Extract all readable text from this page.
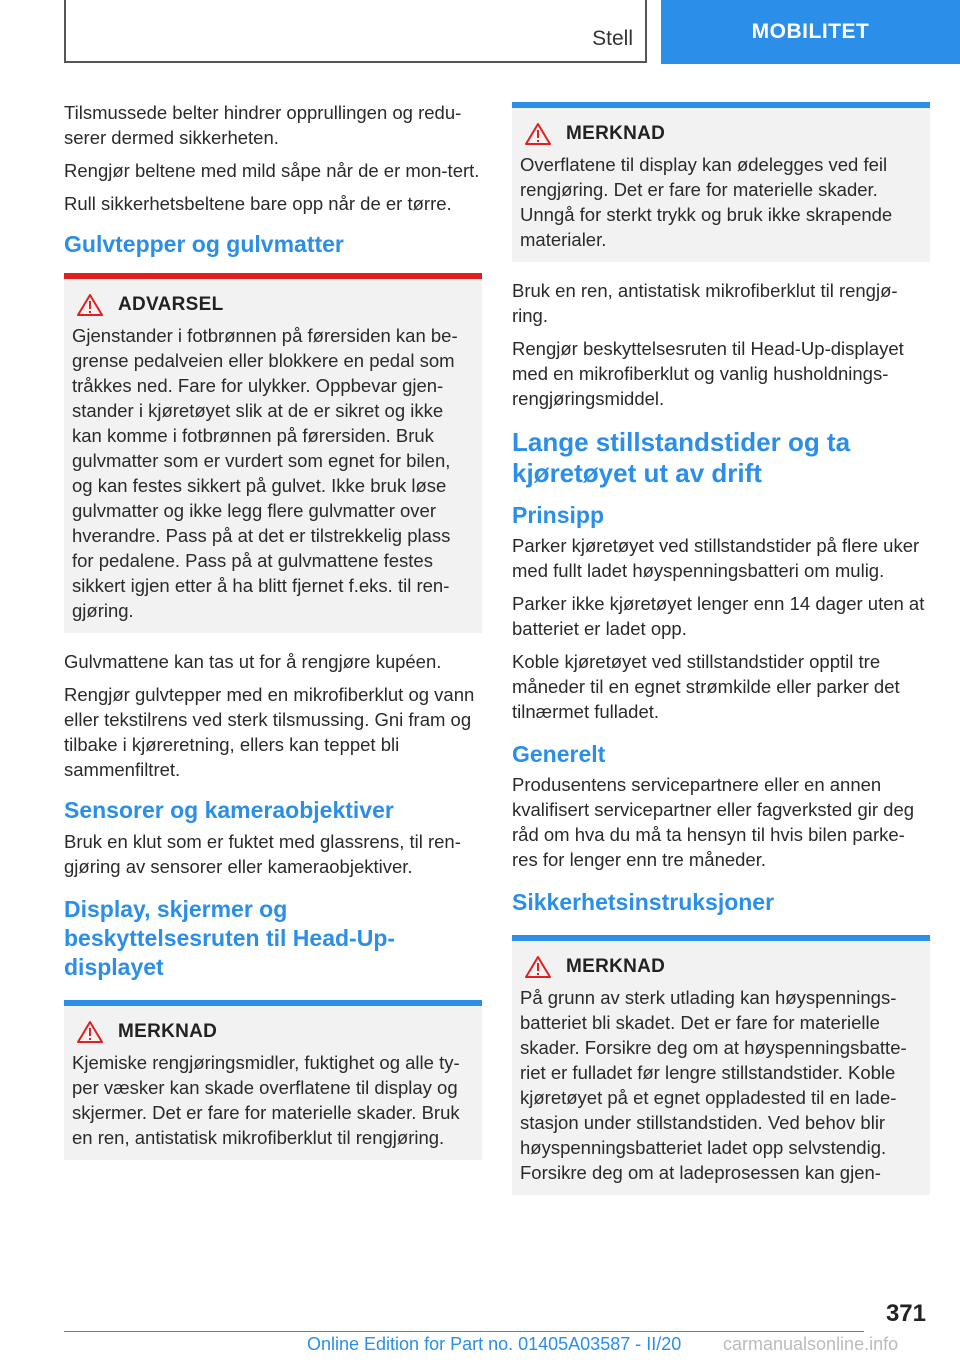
Stell	MOBILITET

Tilsmussede belter hindrer opprullingen og redu-serer dermed sikkerheten.

Rengjør beltene med mild såpe når de er mon-tert.

Rull sikkerhetsbeltene bare opp når de er tørre.

Gulvtepper og gulvmatter
ADVARSEL

Gjenstander i fotbrønnen på førersiden kan be-grense pedalveien eller blokkere en pedal som tråkkes ned. Fare for ulykker. Oppbevar gjen-stander i kjøretøyet slik at de er sikret og ikke kan komme i fotbrønnen på førersiden. Bruk gulvmatter som er vurdert som egnet for bilen, og kan festes sikkert på gulvet. Ikke bruk løse gulvmatter og ikke legg flere gulvmatter over hverandre. Pass på at det er tilstrekkelig plass for pedalene. Pass på at gulvmattene festes sikkert igjen etter å ha blitt fjernet f.eks. til ren-gjøring.

Gulvmattene kan tas ut for å rengjøre kupéen.

Rengjør gulvtepper med en mikrofiberklut og vann eller tekstilrens ved sterk tilsmussing. Gni fram og tilbake i kjøreretning, ellers kan teppet bli sammenfiltret.

Sensorer og kameraobjektiver

Bruk en klut som er fuktet med glassrens, til ren-gjøring av sensorer eller kameraobjektiver.

Display, skjermer og beskyttelsesruten til Head-Up-displayet
MERKNAD

Kjemiske rengjøringsmidler, fuktighet og alle ty-per væsker kan skade overflatene til display og skjermer. Det er fare for materielle skader. Bruk en ren, antistatisk mikrofiberklut til rengjøring.

MERKNAD

Overflatene til display kan ødelegges ved feil rengjøring. Det er fare for materielle skader. Unngå for sterkt trykk og bruk ikke skrapende materialer.

Bruk en ren, antistatisk mikrofiberklut til rengjø-ring.

Rengjør beskyttelsesruten til Head-Up-displayet med en mikrofiberklut og vanlig husholdnings-rengjøringsmiddel.

Lange stillstandstider og ta kjøretøyet ut av drift
Prinsipp

Parker kjøretøyet ved stillstandstider på flere uker med fullt ladet høyspenningsbatteri om mulig.

Parker ikke kjøretøyet lenger enn 14 dager uten at batteriet er ladet opp.

Koble kjøretøyet ved stillstandstider opptil tre måneder til en egnet strømkilde eller parker det tilnærmet fulladet.

Generelt

Produsentens servicepartnere eller en annen kvalifisert servicepartner eller fagverksted gir deg råd om hva du må ta hensyn til hvis bilen parke-res for lenger enn tre måneder.

Sikkerhetsinstruksjoner
MERKNAD

På grunn av sterk utlading kan høyspennings-batteriet bli skadet. Det er fare for materielle skader. Forsikre deg om at høyspenningsbatte-riet er fulladet før lengre stillstandstider. Koble kjøretøyet på et egnet oppladested til en lade-stasjon under stillstandstiden. Ved behov blir høyspenningsbatteriet ladet opp selvstendig. Forsikre deg om at ladeprosessen kan gjen-

371
Online Edition for Part no. 01405A03587 - II/20 carmanualsonline.info
